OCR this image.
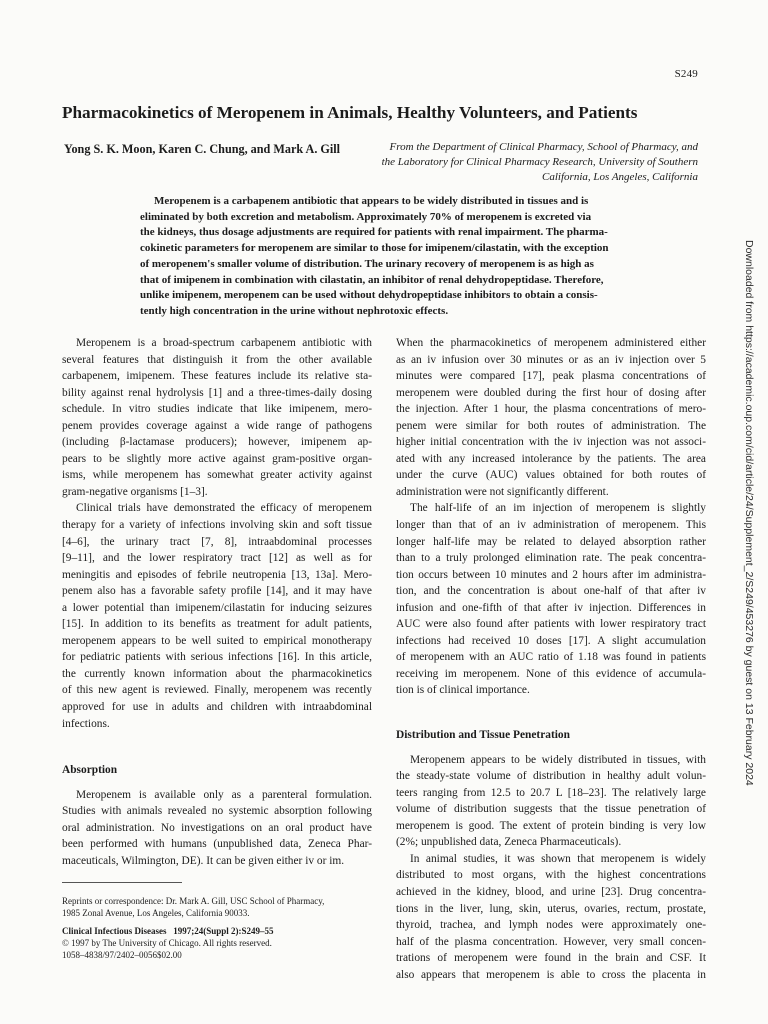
S249
Pharmacokinetics of Meropenem in Animals, Healthy Volunteers, and Patients
Yong S. K. Moon, Karen C. Chung, and Mark A. Gill	From the Department of Clinical Pharmacy, School of Pharmacy, and
the Laboratory for Clinical Pharmacy Research, University of Southern
California, Los Angeles, California
Meropenem is a carbapenem antibiotic that appears to be widely distributed in tissues and is
eliminated by both excretion and metabolism. Approximately 70% of meropenem is excreted via
the kidneys, thus dosage adjustments are required for patients with renal impairment. The pharma-
cokinetic parameters for meropenem are similar to those for imipenem/cilastatin, with the exception
of meropenem's smaller volume of distribution. The urinary recovery of meropenem is as high as
that of imipenem in combination with cilastatin, an inhibitor of renal dehydropeptidase. Therefore,
unlike imipenem, meropenem can be used without dehydropeptidase inhibitors to obtain a consis-
tently high concentration in the urine without nephrotoxic effects.
Meropenem is a broad-spectrum carbapenem antibiotic with
several features that distinguish it from the other available
carbapenem, imipenem. These features include its relative sta-
bility against renal hydrolysis [1] and a three-times-daily dosing
schedule. In vitro studies indicate that like imipenem, mero-
penem provides coverage against a wide range of pathogens
(including β-lactamase producers); however, imipenem ap-
pears to be slightly more active against gram-positive organ-
isms, while meropenem has somewhat greater activity against
gram-negative organisms [1–3].
Clinical trials have demonstrated the efficacy of meropenem
therapy for a variety of infections involving skin and soft tissue
[4–6], the urinary tract [7, 8], intraabdominal processes
[9–11], and the lower respiratory tract [12] as well as for
meningitis and episodes of febrile neutropenia [13, 13a]. Mero-
penem also has a favorable safety profile [14], and it may have
a lower potential than imipenem/cilastatin for inducing seizures
[15]. In addition to its benefits as treatment for adult patients,
meropenem appears to be well suited to empirical monotherapy
for pediatric patients with serious infections [16]. In this article,
the currently known information about the pharmacokinetics
of this new agent is reviewed. Finally, meropenem was recently
approved for use in adults and children with intraabdominal
infections.
Absorption
Meropenem is available only as a parenteral formulation.
Studies with animals revealed no systemic absorption following
oral administration. No investigations on an oral product have
been performed with humans (unpublished data, Zeneca Phar-
maceuticals, Wilmington, DE). It can be given either iv or im.
Reprints or correspondence: Dr. Mark A. Gill, USC School of Pharmacy,
1985 Zonal Avenue, Los Angeles, California 90033.
Clinical Infectious Diseases 1997;24(Suppl 2):S249–55
© 1997 by The University of Chicago. All rights reserved.
1058–4838/97/2402–0056$02.00
When the pharmacokinetics of meropenem administered either
as an iv infusion over 30 minutes or as an iv injection over 5
minutes were compared [17], peak plasma concentrations of
meropenem were doubled during the first hour of dosing after
the injection. After 1 hour, the plasma concentrations of mero-
penem were similar for both routes of administration. The
higher initial concentration with the iv injection was not associ-
ated with any increased intolerance by the patients. The area
under the curve (AUC) values obtained for both routes of
administration were not significantly different.
The half-life of an im injection of meropenem is slightly
longer than that of an iv administration of meropenem. This
longer half-life may be related to delayed absorption rather
than to a truly prolonged elimination rate. The peak concentra-
tion occurs between 10 minutes and 2 hours after im administra-
tion, and the concentration is about one-half of that after iv
infusion and one-fifth of that after iv injection. Differences in
AUC were also found after patients with lower respiratory tract
infections had received 10 doses [17]. A slight accumulation
of meropenem with an AUC ratio of 1.18 was found in patients
receiving im meropenem. None of this evidence of accumula-
tion is of clinical importance.
Distribution and Tissue Penetration
Meropenem appears to be widely distributed in tissues, with
the steady-state volume of distribution in healthy adult volun-
teers ranging from 12.5 to 20.7 L [18–23]. The relatively large
volume of distribution suggests that the tissue penetration of
meropenem is good. The extent of protein binding is very low
(2%; unpublished data, Zeneca Pharmaceuticals).
In animal studies, it was shown that meropenem is widely
distributed to most organs, with the highest concentrations
achieved in the kidney, blood, and urine [23]. Drug concentra-
tions in the liver, lung, skin, uterus, ovaries, rectum, prostate,
thyroid, trachea, and lymph nodes were approximately one-
half of the plasma concentration. However, very small concen-
trations of meropenem were found in the brain and CSF. It
also appears that meropenem is able to cross the placenta in
Downloaded from https://academic.oup.com/cid/article/24/Supplement_2/S249/453276 by guest on 13 February 2024
